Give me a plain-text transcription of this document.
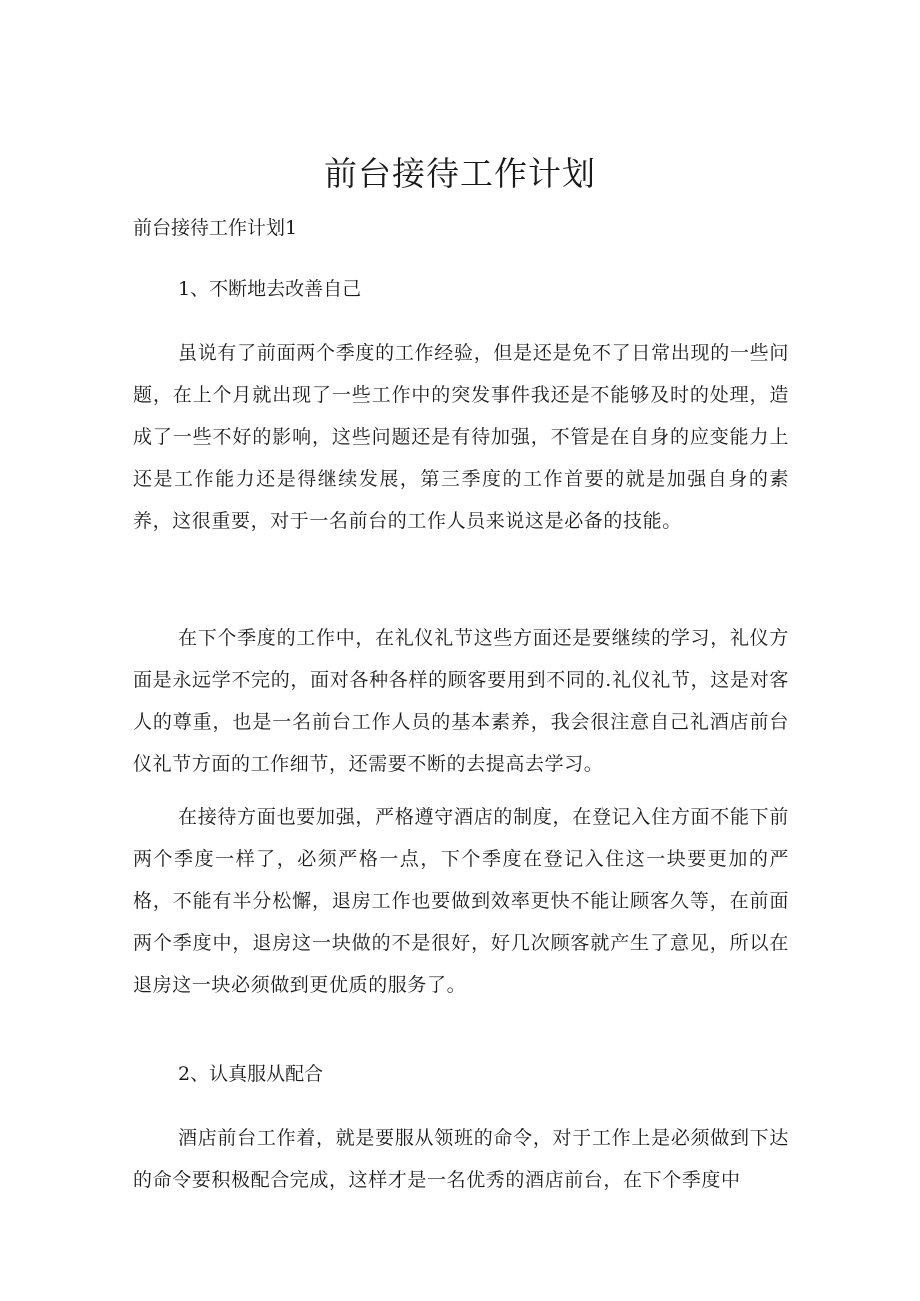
前台接待工作计划

前台接待工作计划1

1、不断地去改善自己

虽说有了前面两个季度的工作经验，但是还是免不了日常出现的一些问题，在上个月就出现了一些工作中的突发事件我还是不能够及时的处理，造成了一些不好的影响，这些问题还是有待加强，不管是在自身的应变能力上还是工作能力还是得继续发展，第三季度的工作首要的就是加强自身的素养，这很重要，对于一名前台的工作人员来说这是必备的技能。

在下个季度的工作中，在礼仪礼节这些方面还是要继续的学习，礼仪方面是永远学不完的，面对各种各样的顾客要用到不同的.礼仪礼节，这是对客人的尊重，也是一名前台工作人员的基本素养，我会很注意自己礼酒店前台仪礼节方面的工作细节，还需要不断的去提高去学习。

在接待方面也要加强，严格遵守酒店的制度，在登记入住方面不能下前两个季度一样了，必须严格一点，下个季度在登记入住这一块要更加的严格，不能有半分松懈，退房工作也要做到效率更快不能让顾客久等，在前面两个季度中，退房这一块做的不是很好，好几次顾客就产生了意见，所以在退房这一块必须做到更优质的服务了。

2、认真服从配合

酒店前台工作着，就是要服从领班的命令，对于工作上是必须做到下达的命令要积极配合完成，这样才是一名优秀的酒店前台，在下个季度中
